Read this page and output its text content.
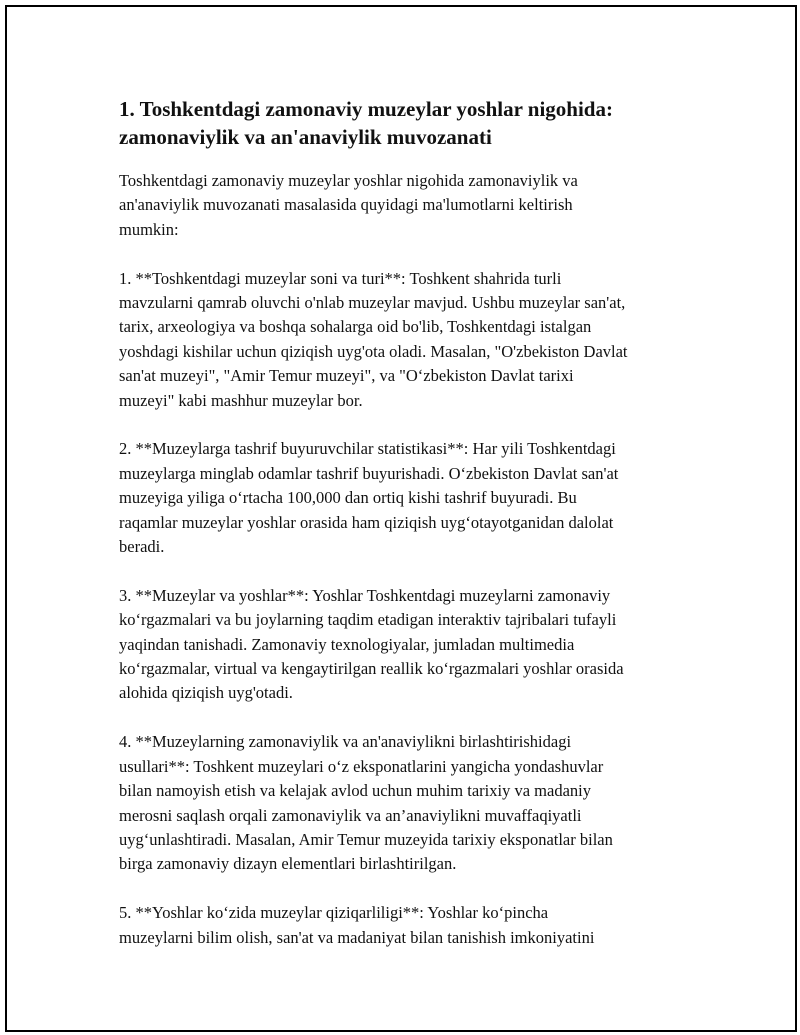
1. Toshkentdagi zamonaviy muzeylar yoshlar nigohida:
zamonaviylik va an'anaviylik muvozanati

Toshkentdagi zamonaviy muzeylar yoshlar nigohida zamonaviylik va
an'anaviylik muvozanati masalasida quyidagi ma'lumotlarni keltirish
mumkin:

1. **Toshkentdagi muzeylar soni va turi**: Toshkent shahrida turli
mavzularni qamrab oluvchi o'nlab muzeylar mavjud. Ushbu muzeylar san'at,
tarix, arxeologiya va boshqa sohalarga oid bo'lib, Toshkentdagi istalgan
yoshdagi kishilar uchun qiziqish uyg'ota oladi. Masalan, "O'zbekiston Davlat
san'at muzeyi", "Amir Temur muzeyi", va "O‘zbekiston Davlat tarixi
muzeyi" kabi mashhur muzeylar bor.

2. **Muzeylarga tashrif buyuruvchilar statistikasi**: Har yili Toshkentdagi
muzeylarga minglab odamlar tashrif buyurishadi. O‘zbekiston Davlat san'at
muzeyiga yiliga o‘rtacha 100,000 dan ortiq kishi tashrif buyuradi. Bu
raqamlar muzeylar yoshlar orasida ham qiziqish uyg‘otayotganidan dalolat
beradi.

3. **Muzeylar va yoshlar**: Yoshlar Toshkentdagi muzeylarni zamonaviy
ko‘rgazmalari va bu joylarning taqdim etadigan interaktiv tajribalari tufayli
yaqindan tanishadi. Zamonaviy texnologiyalar, jumladan multimedia
ko‘rgazmalar, virtual va kengaytirilgan reallik ko‘rgazmalari yoshlar orasida
alohida qiziqish uyg'otadi.

4. **Muzeylarning zamonaviylik va an'anaviylikni birlashtirishidagi
usullari**: Toshkent muzeylari o‘z eksponatlarini yangicha yondashuvlar
bilan namoyish etish va kelajak avlod uchun muhim tarixiy va madaniy
merosni saqlash orqali zamonaviylik va an’anaviylikni muvaffaqiyatli
uyg‘unlashtiradi. Masalan, Amir Temur muzeyida tarixiy eksponatlar bilan
birga zamonaviy dizayn elementlari birlashtirilgan.

5. **Yoshlar ko‘zida muzeylar qiziqarliligi**: Yoshlar ko‘pincha
muzeylarni bilim olish, san'at va madaniyat bilan tanishish imkoniyatini
